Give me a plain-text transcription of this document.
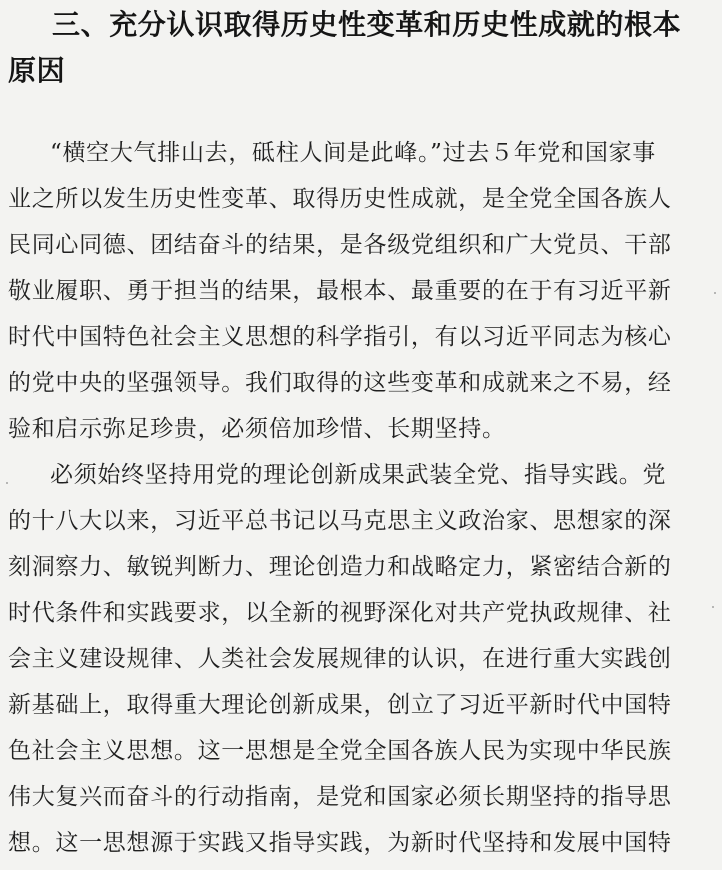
三、充分认识取得历史性变革和历史性成就的根本
原因
“横空大气排山去，砥柱人间是此峰。”过去５年党和国家事
业之所以发生历史性变革、取得历史性成就，是全党全国各族人
民同心同德、团结奋斗的结果，是各级党组织和广大党员、干部
敬业履职、勇于担当的结果，最根本、最重要的在于有习近平新
时代中国特色社会主义思想的科学指引，有以习近平同志为核心
的党中央的坚强领导。我们取得的这些变革和成就来之不易，经
验和启示弥足珍贵，必须倍加珍惜、长期坚持。
必须始终坚持用党的理论创新成果武装全党、指导实践。党
的十八大以来，习近平总书记以马克思主义政治家、思想家的深
刻洞察力、敏锐判断力、理论创造力和战略定力，紧密结合新的
时代条件和实践要求，以全新的视野深化对共产党执政规律、社
会主义建设规律、人类社会发展规律的认识，在进行重大实践创
新基础上，取得重大理论创新成果，创立了习近平新时代中国特
色社会主义思想。这一思想是全党全国各族人民为实现中华民族
伟大复兴而奋斗的行动指南，是党和国家必须长期坚持的指导思
想。这一思想源于实践又指导实践，为新时代坚持和发展中国特
